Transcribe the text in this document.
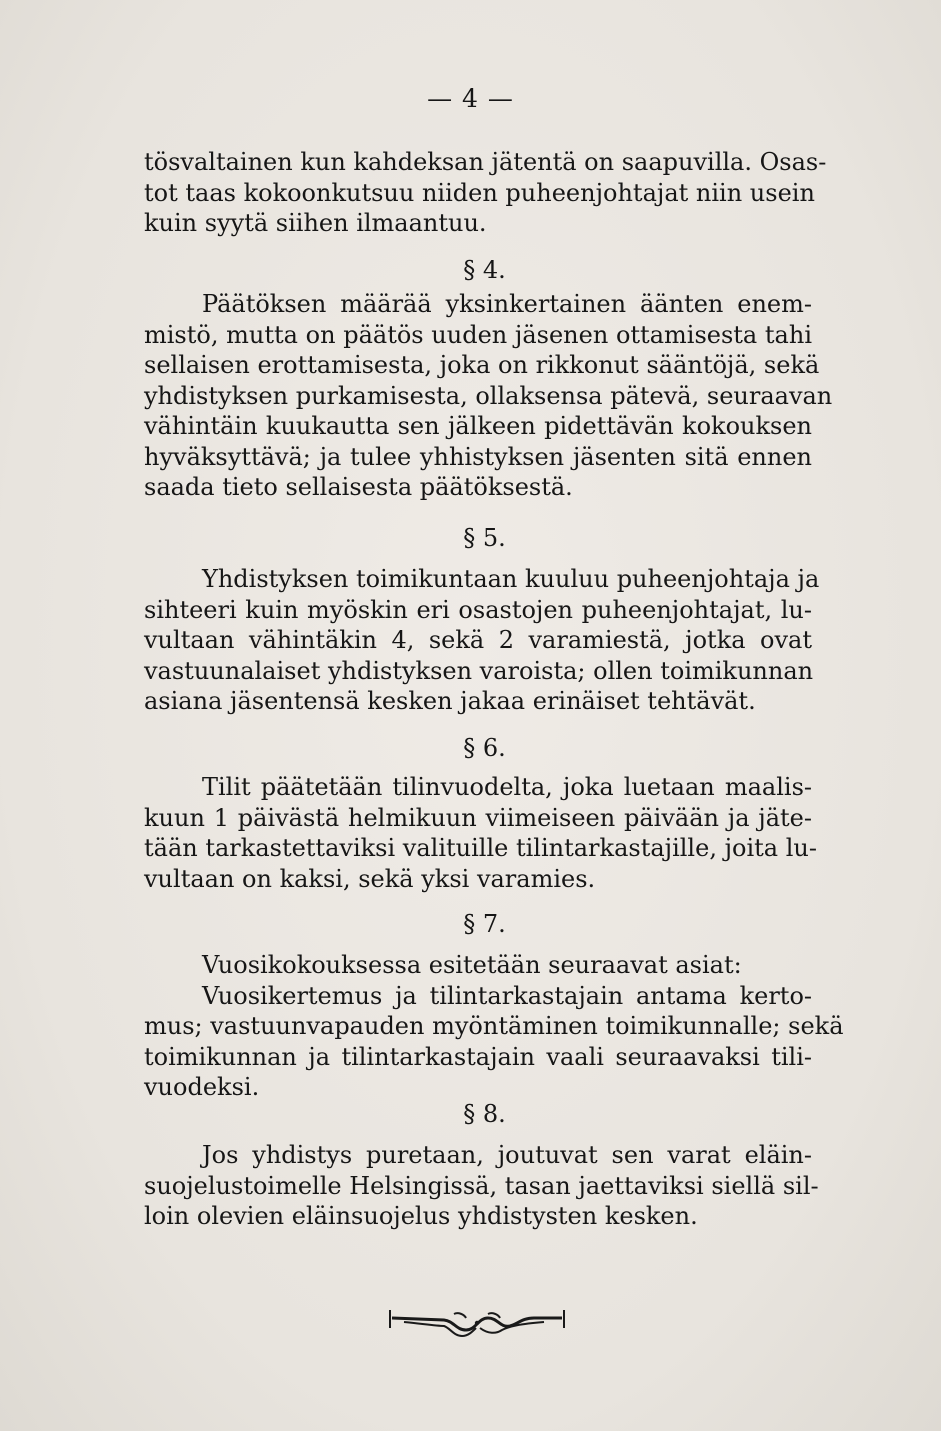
— 4 —
tösvaltainen kun kahdeksan jätentä on saapuvilla. Osas-
tot taas kokoonkutsuu niiden puheenjohtajat niin usein
kuin syytä siihen ilmaantuu.
§ 4.
Päätöksen määrää yksinkertainen äänten enem-
mistö, mutta on päätös uuden jäsenen ottamisesta tahi
sellaisen erottamisesta, joka on rikkonut sääntöjä, sekä
yhdistyksen purkamisesta, ollaksensa pätevä, seuraavan
vähintäin kuukautta sen jälkeen pidettävän kokouksen
hyväksyttävä; ja tulee yhhistyksen jäsenten sitä ennen
saada tieto sellaisesta päätöksestä.
§ 5.
Yhdistyksen toimikuntaan kuuluu puheenjohtaja ja
sihteeri kuin myöskin eri osastojen puheenjohtajat, lu-
vultaan vähintäkin 4, sekä 2 varamiestä, jotka ovat
vastuunalaiset yhdistyksen varoista; ollen toimikunnan
asiana jäsentensä kesken jakaa erinäiset tehtävät.
§ 6.
Tilit päätetään tilinvuodelta, joka luetaan maalis-
kuun 1 päivästä helmikuun viimeiseen päivään ja jäte-
tään tarkastettaviksi valituille tilintarkastajille, joita lu-
vultaan on kaksi, sekä yksi varamies.
§ 7.
Vuosikokouksessa esitetään seuraavat asiat:
Vuosikertemus ja tilintarkastajain antama kerto-
mus; vastuunvapauden myöntäminen toimikunnalle; sekä
toimikunnan ja tilintarkastajain vaali seuraavaksi tili-
vuodeksi.
§ 8.
Jos yhdistys puretaan, joutuvat sen varat eläin-
suojelustoimelle Helsingissä, tasan jaettaviksi siellä sil-
loin olevien eläinsuojelus yhdistysten kesken.
